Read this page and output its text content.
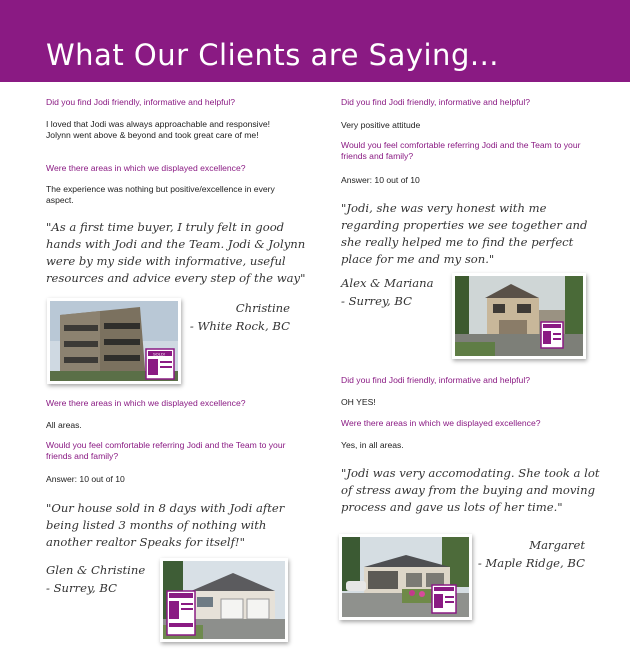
What Our Clients are Saying...
Did you find Jodi friendly, informative and helpful?
I loved that Jodi was always approachable and responsive! Jolynn went above & beyond and took great care of me!
Were there areas in which we displayed excellence?
The experience was nothing but positive/excellence in every aspect.
"As a first time buyer, I truly felt in good hands with Jodi and the Team. Jodi & Jolynn were by my side with informative, useful resources and advice every step of the way"
SOLD!
Christine
- White Rock, BC
Were there areas in which we displayed excellence?
All areas.
Would you feel comfortable referring Jodi and the Team to your friends and family?
Answer: 10 out of 10
"Our house sold in 8 days with Jodi after being listed 3 months of nothing with another realtor Speaks for itself!"
Glen & Christine
- Surrey, BC
Did you find Jodi friendly, informative and helpful?
Very positive attitude
Would you feel comfortable referring Jodi and the Team to your friends and family?
Answer: 10 out of 10
"Jodi, she was very honest with me regarding properties we see together and she really helped me to find the perfect place for me and my son."
Alex & Mariana
- Surrey, BC
Did you find Jodi friendly, informative and helpful?
OH YES!
Were there areas in which we displayed excellence?
Yes, in all areas.
"Jodi was very accomodating. She took a lot of stress away from the buying and moving process and gave us lots of her time."
Margaret
- Maple Ridge, BC
